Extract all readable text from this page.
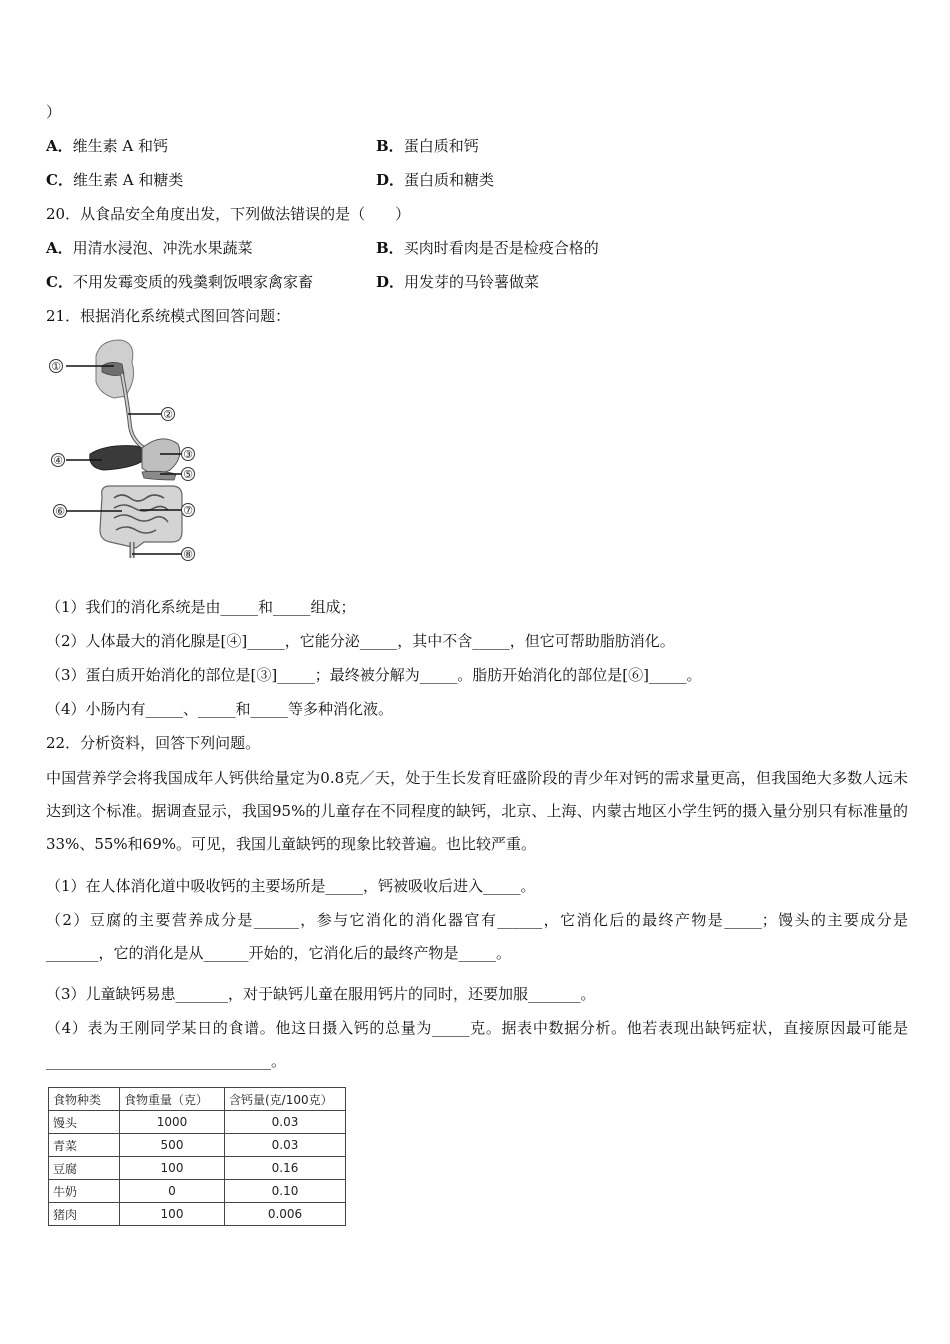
）
A．维生素 A 和钙	B．蛋白质和钙
C．维生素 A 和糖类	D．蛋白质和糖类
20．从食品安全角度出发，下列做法错误的是（　　）
A．用清水浸泡、冲洗水果蔬菜	B．买肉时看肉是否是检疫合格的
C．不用发霉变质的残羹剩饭喂家禽家畜	D．用发芽的马铃薯做菜
21．根据消化系统模式图回答问题：
①
②
③
④
⑤
⑥	⑦
⑧
（1）我们的消化系统是由_____和_____组成；
（2）人体最大的消化腺是[④]_____，它能分泌_____，其中不含_____，但它可帮助脂肪消化。
（3）蛋白质开始消化的部位是[③]_____；最终被分解为_____。脂肪开始消化的部位是[⑥]_____。
（4）小肠内有_____、_____和_____等多种消化液。
22．分析资料，回答下列问题。
中国营养学会将我国成年人钙供给量定为0.8克／天，处于生长发育旺盛阶段的青少年对钙的需求量更高，但我国绝大多数人远未达到这个标准。据调查显示，我国95%的儿童存在不同程度的缺钙，北京、上海、内蒙古地区小学生钙的摄入量分别只有标准量的33%、55%和69%。可见，我国儿童缺钙的现象比较普遍。也比较严重。
（1）在人体消化道中吸收钙的主要场所是_____，钙被吸收后进入_____。
（2）豆腐的主要营养成分是______，参与它消化的消化器官有______，它消化后的最终产物是_____；馒头的主要成分是_______，它的消化是从______开始的，它消化后的最终产物是_____。
（3）儿童缺钙易患_______，对于缺钙儿童在服用钙片的同时，还要加服_______。
（4）表为王刚同学某日的食谱。他这日摄入钙的总量为_____克。据表中数据分析。他若表现出缺钙症状，直接原因最可能是______________________________。
食物种类	食物重量（克）	含钙量(克/100克）
馒头	1000	0.03
青菜	500	0.03
豆腐	100	0.16
牛奶	0	0.10
猪肉	100	0.006
